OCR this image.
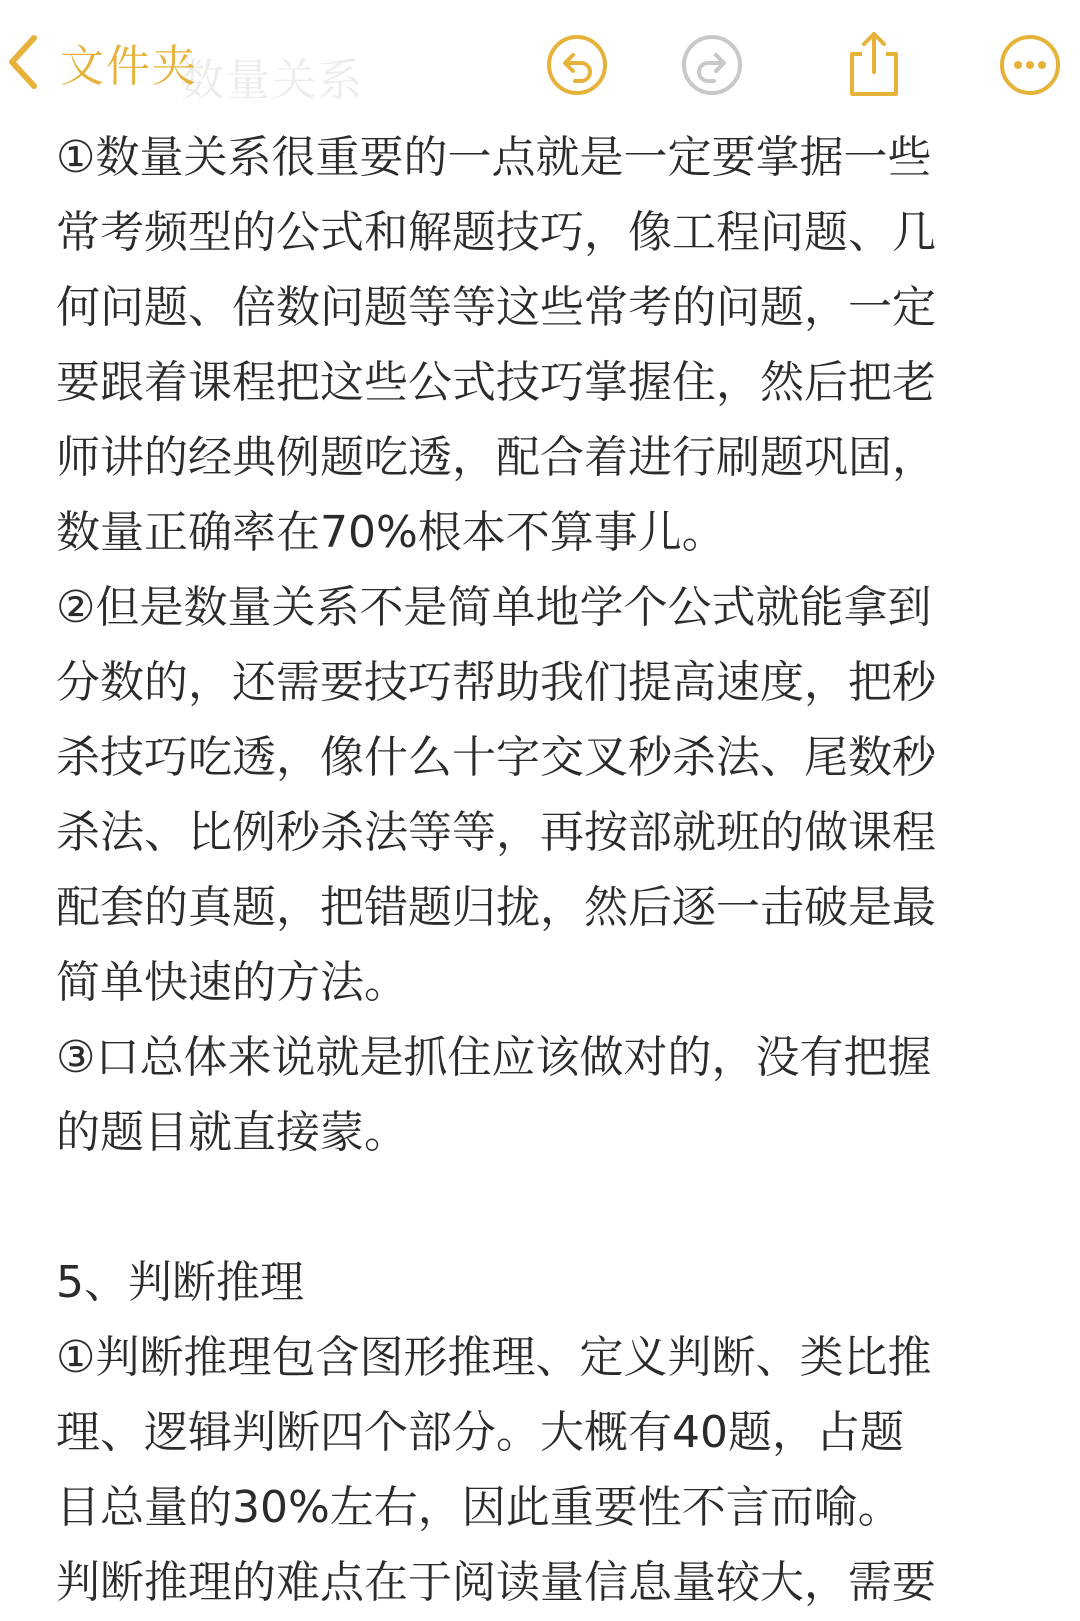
数量关系
文件夹
①数量关系很重要的一点就是一定要掌据一些
常考频型的公式和解题技巧，像工程问题、几
何问题、倍数问题等等这些常考的问题，一定
要跟着课程把这些公式技巧掌握住，然后把老
师讲的经典例题吃透，配合着进行刷题巩固，
数量正确率在70%根本不算事儿。
②但是数量关系不是简单地学个公式就能拿到
分数的，还需要技巧帮助我们提高速度，把秒
杀技巧吃透，像什么十字交叉秒杀法、尾数秒
杀法、比例秒杀法等等，再按部就班的做课程
配套的真题，把错题归拢，然后逐一击破是最
简单快速的方法。
③口总体来说就是抓住应该做对的，没有把握
的题目就直接蒙。
5、判断推理
①判断推理包含图形推理、定义判断、类比推
理、逻辑判断四个部分。大概有40题，占题
目总量的30%左右，因此重要性不言而喻。
判断推理的难点在于阅读量信息量较大，需要
